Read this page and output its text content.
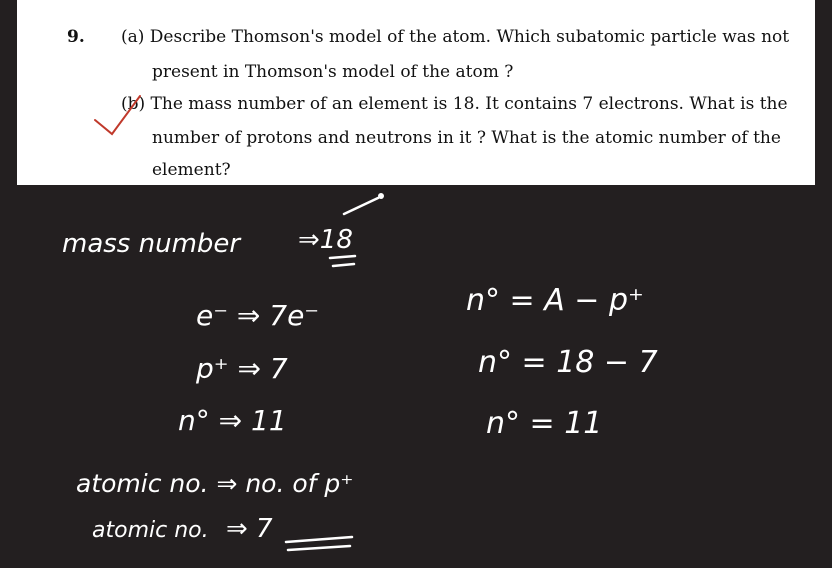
9. (a) Describe Thomson's model of the atom. Which subatomic particle was not
present in Thomson's model of the atom ?
(b) The mass number of an element is 18. It contains 7 electrons. What is the
number of protons and neutrons in it ? What is the atomic number of the
element?
mass number ⇒18
e⁻ ⇒ 7e⁻
p⁺ ⇒ 7
n° ⇒ 11
n° = A − p⁺
n° = 18 − 7
n° = 11
atomic no. ⇒ no. of p⁺
atomic no. ⇒ 7
